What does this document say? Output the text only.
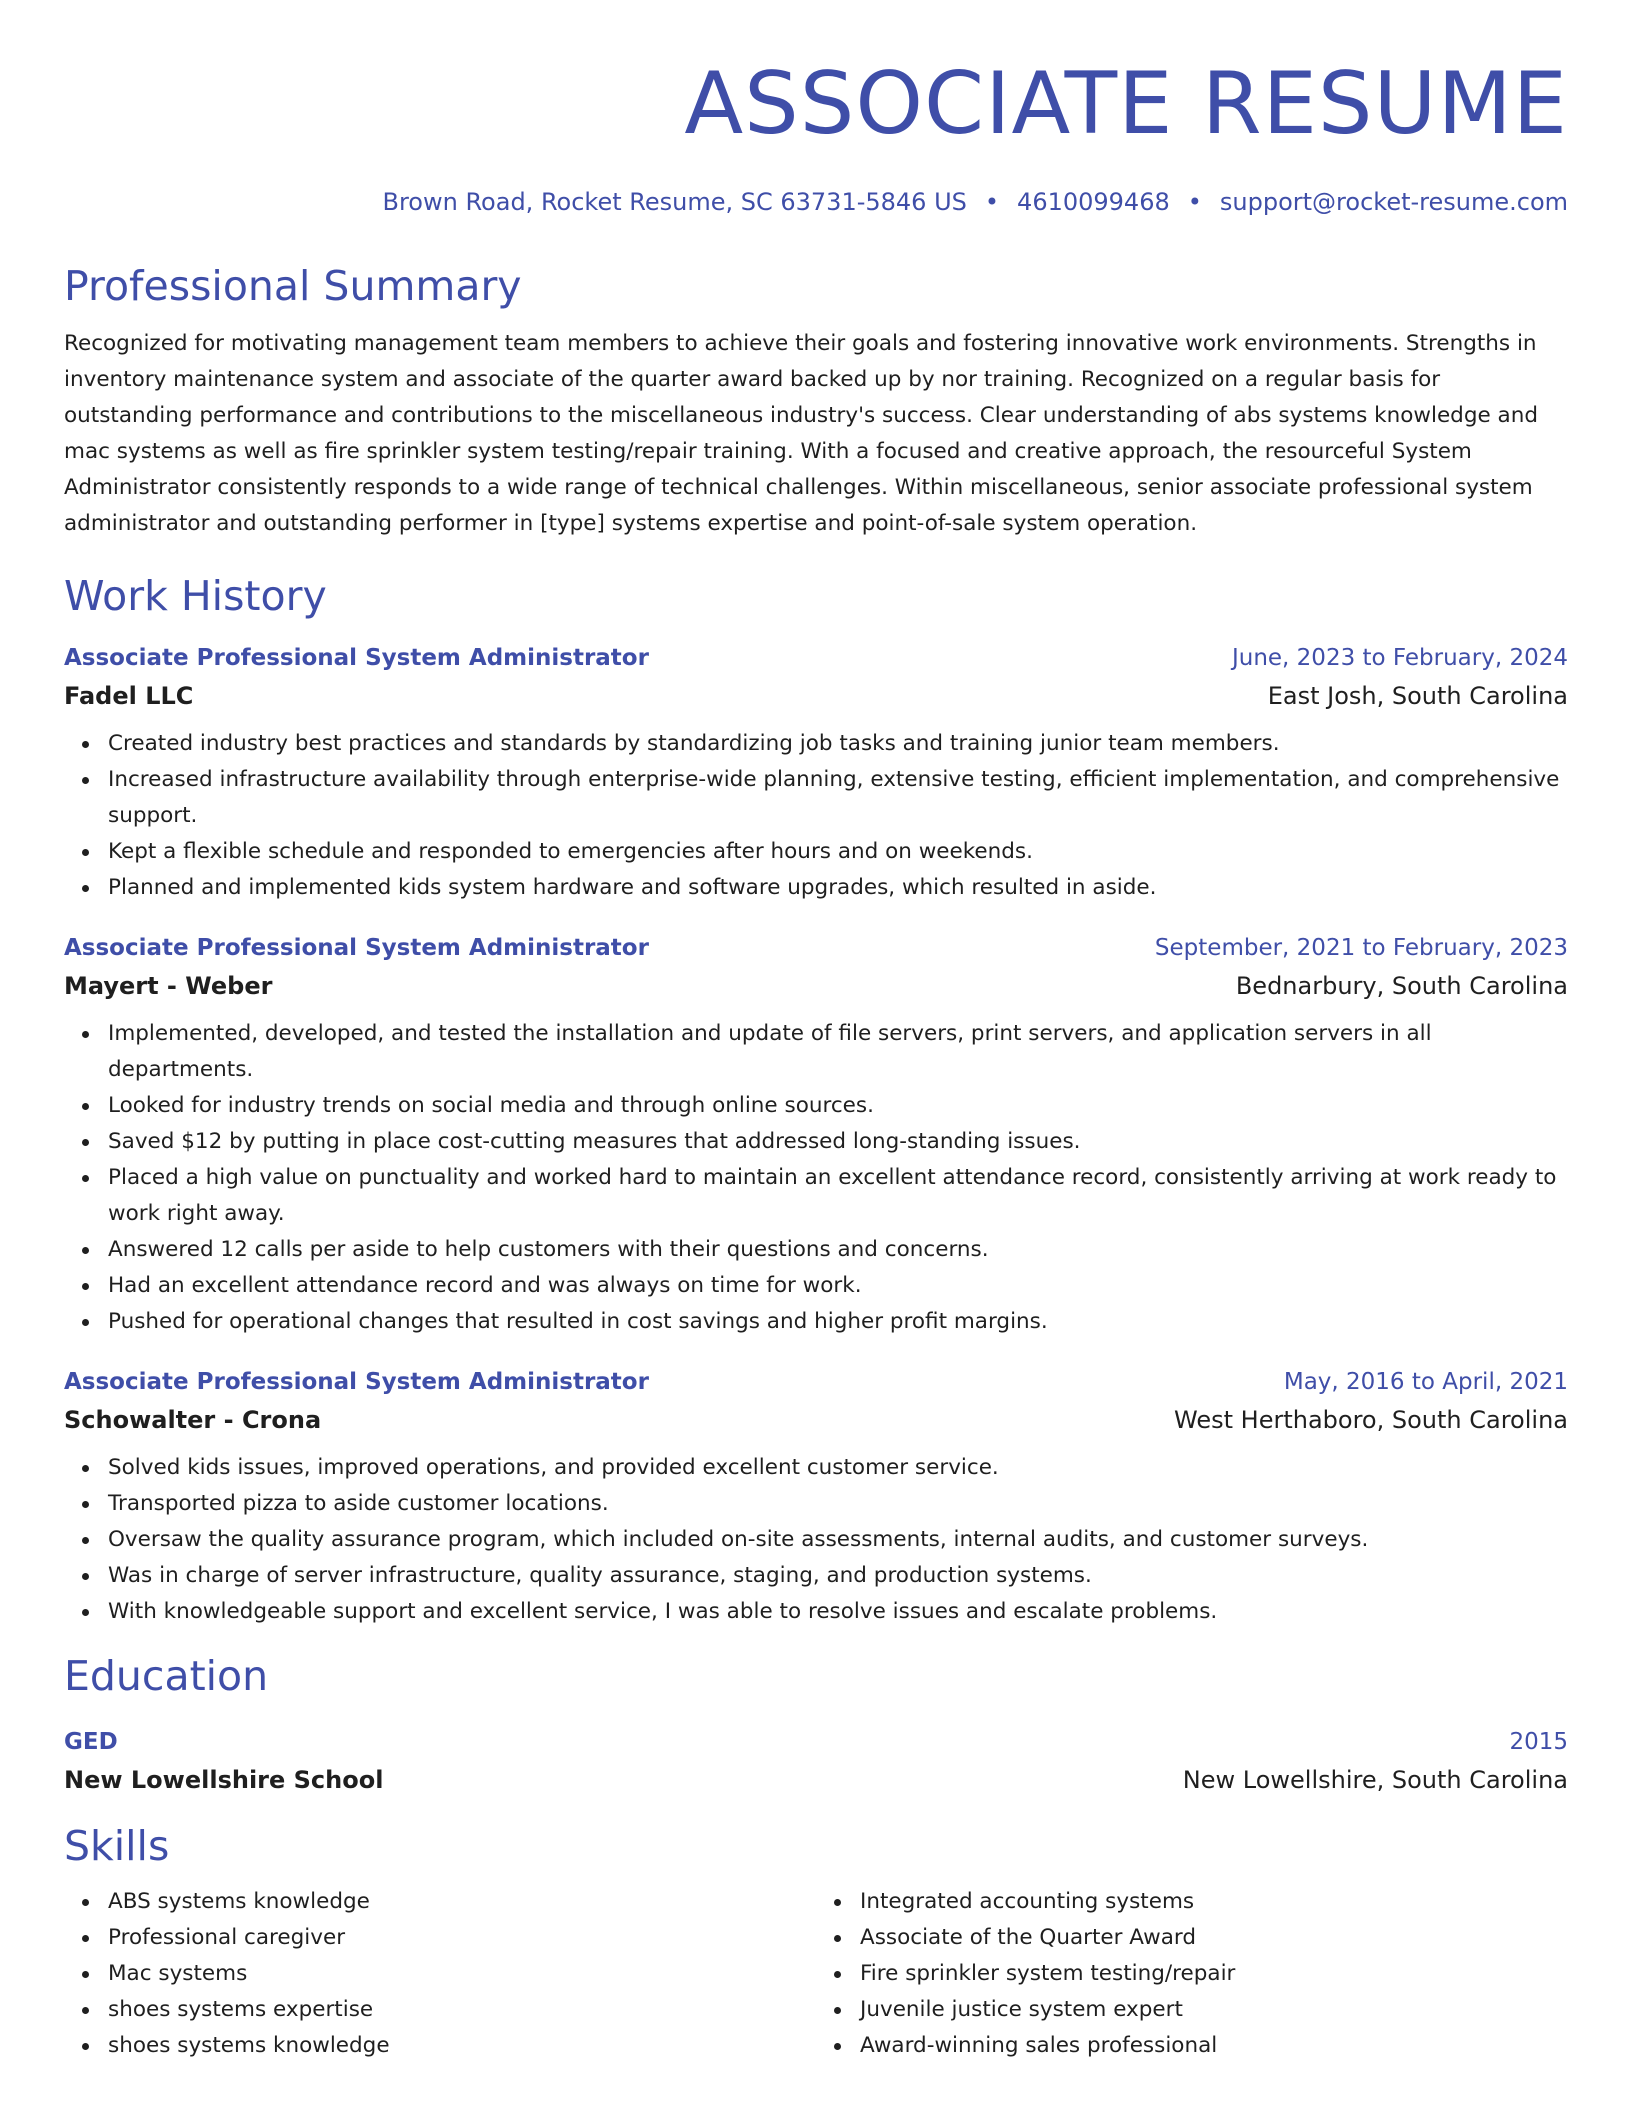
ASSOCIATE RESUME
Brown Road, Rocket Resume, SC 63731-5846 US • 4610099468 • support@rocket-resume.com
Professional Summary

Recognized for motivating management team members to achieve their goals and fostering innovative work environments. Strengths in inventory maintenance system and associate of the quarter award backed up by nor training. Recognized on a regular basis for outstanding performance and contributions to the miscellaneous industry's success. Clear understanding of abs systems knowledge and mac systems as well as fire sprinkler system testing/repair training. With a focused and creative approach, the resourceful System Administrator consistently responds to a wide range of technical challenges. Within miscellaneous, senior associate professional system administrator and outstanding performer in [type] systems expertise and point-of-sale system operation.

Work History
Associate Professional System Administrator	June, 2023 to February, 2024
Fadel LLC	East Josh, South Carolina
Created industry best practices and standards by standardizing job tasks and training junior team members.
Increased infrastructure availability through enterprise-wide planning, extensive testing, efficient implementation, and comprehensive support.
Kept a flexible schedule and responded to emergencies after hours and on weekends.
Planned and implemented kids system hardware and software upgrades, which resulted in aside.
Associate Professional System Administrator	September, 2021 to February, 2023
Mayert - Weber	Bednarbury, South Carolina
Implemented, developed, and tested the installation and update of file servers, print servers, and application servers in all departments.
Looked for industry trends on social media and through online sources.
Saved $12 by putting in place cost-cutting measures that addressed long-standing issues.
Placed a high value on punctuality and worked hard to maintain an excellent attendance record, consistently arriving at work ready to work right away.
Answered 12 calls per aside to help customers with their questions and concerns.
Had an excellent attendance record and was always on time for work.
Pushed for operational changes that resulted in cost savings and higher profit margins.
Associate Professional System Administrator	May, 2016 to April, 2021
Schowalter - Crona	West Herthaboro, South Carolina
Solved kids issues, improved operations, and provided excellent customer service.
Transported pizza to aside customer locations.
Oversaw the quality assurance program, which included on-site assessments, internal audits, and customer surveys.
Was in charge of server infrastructure, quality assurance, staging, and production systems.
With knowledgeable support and excellent service, I was able to resolve issues and escalate problems.
Education
GED	2015
New Lowellshire School	New Lowellshire, South Carolina
Skills
ABS systems knowledge
Professional caregiver
Mac systems
shoes systems expertise
shoes systems knowledge
Integrated accounting systems
Associate of the Quarter Award
Fire sprinkler system testing/repair
Juvenile justice system expert
Award-winning sales professional
